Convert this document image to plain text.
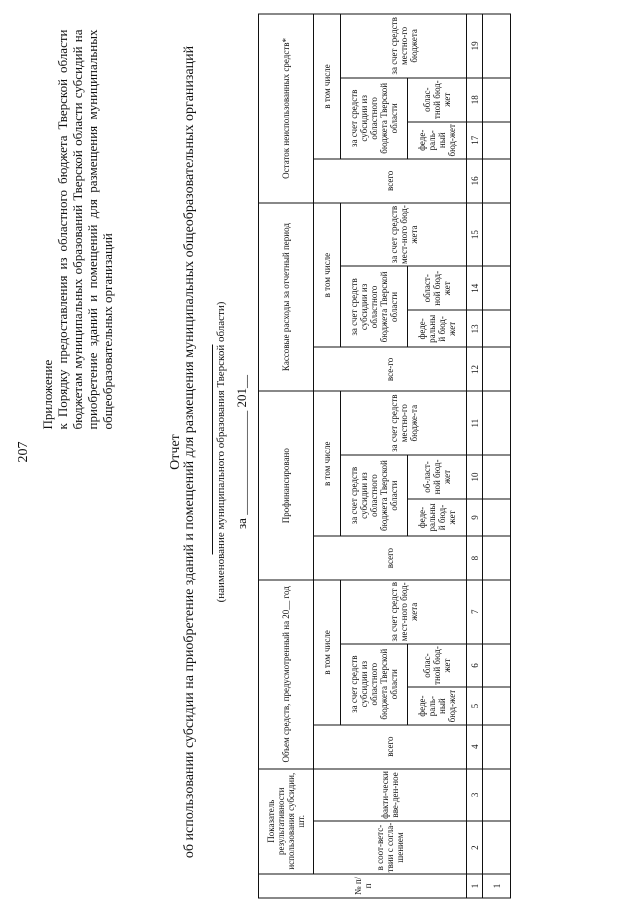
207
Приложение к Порядку предоставления из областного бюджета Тверской области бюджетам муниципальных образований Тверской области субсидий на приобретение зданий и помещений для размещения муниципальных общеобразовательных организаций
Отчет об использовании субсидии на приобретение зданий и помещений для размещения муниципальных общеобразовательных организаций (наименование муниципального образования Тверской области) за ________________ 201__
№ п/п	Показатель результативности использования субсидии, шт.		Объем средств, предусмотренный на 20__ год				Профинансировано				Кассовые расходы за отчетный период				Остаток неиспользованных средств*			
	в соот-ветс-твии с согла-шением	факти-чески вве-ден-ное	всего	в том числе			всего	в том числе			все-го	в том числе			всего	в том числе		
				за счет средств субсидии из областного бюджета Тверской области		за счет средст в мест-ного бюд-жета		за счет средств субсидии из областного бюджета Тверской области		за счет средств местно-го бюдже-та		за счет средств субсидии из областного бюджета Тверской области		за счет средств мест-ного бюд-жета		за счет средств субсидии из областного бюджета Тверской области		за счет средств местно-го бюджета
				феде-раль-ный бюд-жет	облас-тной бюд-жет			феде-ральны й бюд-жет	об-ласт-ной бюд-жет			феде-ральны й бюд-жет	област-ной бюд-жет			феде-раль-ный бюд-жет	облас-тной бюд-жет	
1	2	3	4	5	6	7	8	9	10	11	12	13	14	15	16	17	18	19
1																		
